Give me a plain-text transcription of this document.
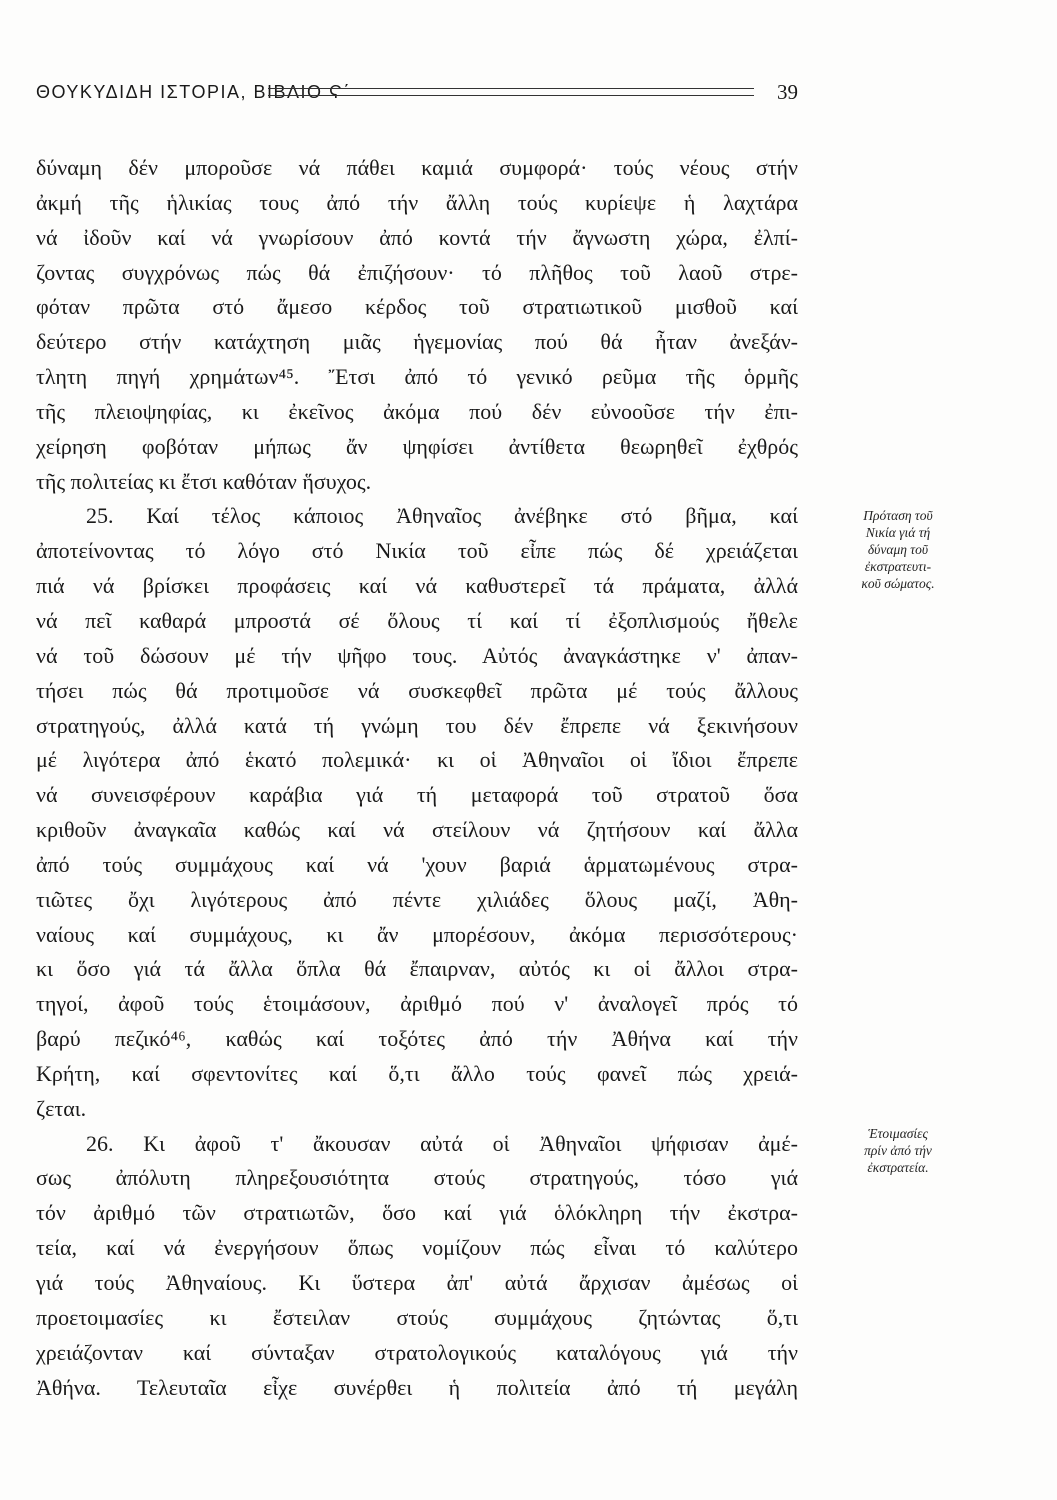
ΘΟΥΚΥΔΙΔΗ ΙΣΤΟΡΙΑ, ΒΙΒΛΙΟ Ϛ΄	39
δύναμη δέν μποροῦσε νά πάθει καμιά συμφορά· τούς νέους στήν
ἀκμή τῆς ἡλικίας τους ἀπό τήν ἄλλη τούς κυρίεψε ἡ λαχτάρα
νά ἰδοῦν καί νά γνωρίσουν ἀπό κοντά τήν ἄγνωστη χώρα, ἐλπί-
ζοντας συγχρόνως πώς θά ἐπιζήσουν· τό πλῆθος τοῦ λαοῦ στρε-
φόταν πρῶτα στό ἄμεσο κέρδος τοῦ στρατιωτικοῦ μισθοῦ καί
δεύτερο στήν κατάχτηση μιᾶς ἡγεμονίας πού θά ἦταν ἀνεξάν-
τλητη πηγή χρημάτων⁴⁵. Ἔτσι ἀπό τό γενικό ρεῦμα τῆς ὁρμῆς
τῆς πλειοψηφίας, κι ἐκεῖνος ἀκόμα πού δέν εὐνοοῦσε τήν ἐπι-
χείρηση φοβόταν μήπως ἄν ψηφίσει ἀντίθετα θεωρηθεῖ ἐχθρός
τῆς πολιτείας κι ἔτσι καθόταν ἥσυχος.
25. Καί τέλος κάποιος Ἀθηναῖος ἀνέβηκε στό βῆμα, καί
ἀποτείνοντας τό λόγο στό Νικία τοῦ εἶπε πώς δέ χρειάζεται
πιά νά βρίσκει προφάσεις καί νά καθυστερεῖ τά πράματα, ἀλλά
νά πεῖ καθαρά μπροστά σέ ὅλους τί καί τί ἐξοπλισμούς ἤθελε
νά τοῦ δώσουν μέ τήν ψῆφο τους. Αὐτός ἀναγκάστηκε ν' ἀπαν-
τήσει πώς θά προτιμοῦσε νά συσκεφθεῖ πρῶτα μέ τούς ἄλλους
στρατηγούς, ἀλλά κατά τή γνώμη του δέν ἔπρεπε νά ξεκινήσουν
μέ λιγότερα ἀπό ἑκατό πολεμικά· κι οἱ Ἀθηναῖοι οἱ ἴδιοι ἔπρεπε
νά συνεισφέρουν καράβια γιά τή μεταφορά τοῦ στρατοῦ ὅσα
κριθοῦν ἀναγκαῖα καθώς καί νά στείλουν νά ζητήσουν καί ἄλλα
ἀπό τούς συμμάχους καί νά 'χουν βαριά ἁρματωμένους στρα-
τιῶτες ὄχι λιγότερους ἀπό πέντε χιλιάδες ὅλους μαζί, Ἀθη-
ναίους καί συμμάχους, κι ἄν μπορέσουν, ἀκόμα περισσότερους·
κι ὅσο γιά τά ἄλλα ὅπλα θά ἔπαιρναν, αὐτός κι οἱ ἄλλοι στρα-
τηγοί, ἀφοῦ τούς ἑτοιμάσουν, ἀριθμό πού ν' ἀναλογεῖ πρός τό
βαρύ πεζικό⁴⁶, καθώς καί τοξότες ἀπό τήν Ἀθήνα καί τήν
Κρήτη, καί σφεντονίτες καί ὅ,τι ἄλλο τούς φανεῖ πώς χρειά-
ζεται.
26. Κι ἀφοῦ τ' ἄκουσαν αὐτά οἱ Ἀθηναῖοι ψήφισαν ἀμέ-
σως ἀπόλυτη πληρεξουσιότητα στούς στρατηγούς, τόσο γιά
τόν ἀριθμό τῶν στρατιωτῶν, ὅσο καί γιά ὁλόκληρη τήν ἐκστρα-
τεία, καί νά ἐνεργήσουν ὅπως νομίζουν πώς εἶναι τό καλύτερο
γιά τούς Ἀθηναίους. Κι ὕστερα ἀπ' αὐτά ἄρχισαν ἀμέσως οἱ
προετοιμασίες κι ἔστειλαν στούς συμμάχους ζητώντας ὅ,τι
χρειάζονταν καί σύνταξαν στρατολογικούς καταλόγους γιά τήν
Ἀθήνα. Τελευταῖα εἶχε συνέρθει ἡ πολιτεία ἀπό τή μεγάλη
Πρόταση τοῦ
Νικία γιά τή
δύναμη τοῦ
ἐκστρατευτι-
κοῦ σώματος.
Ἑτοιμασίες
πρίν ἀπό τήν
ἐκστρατεία.
